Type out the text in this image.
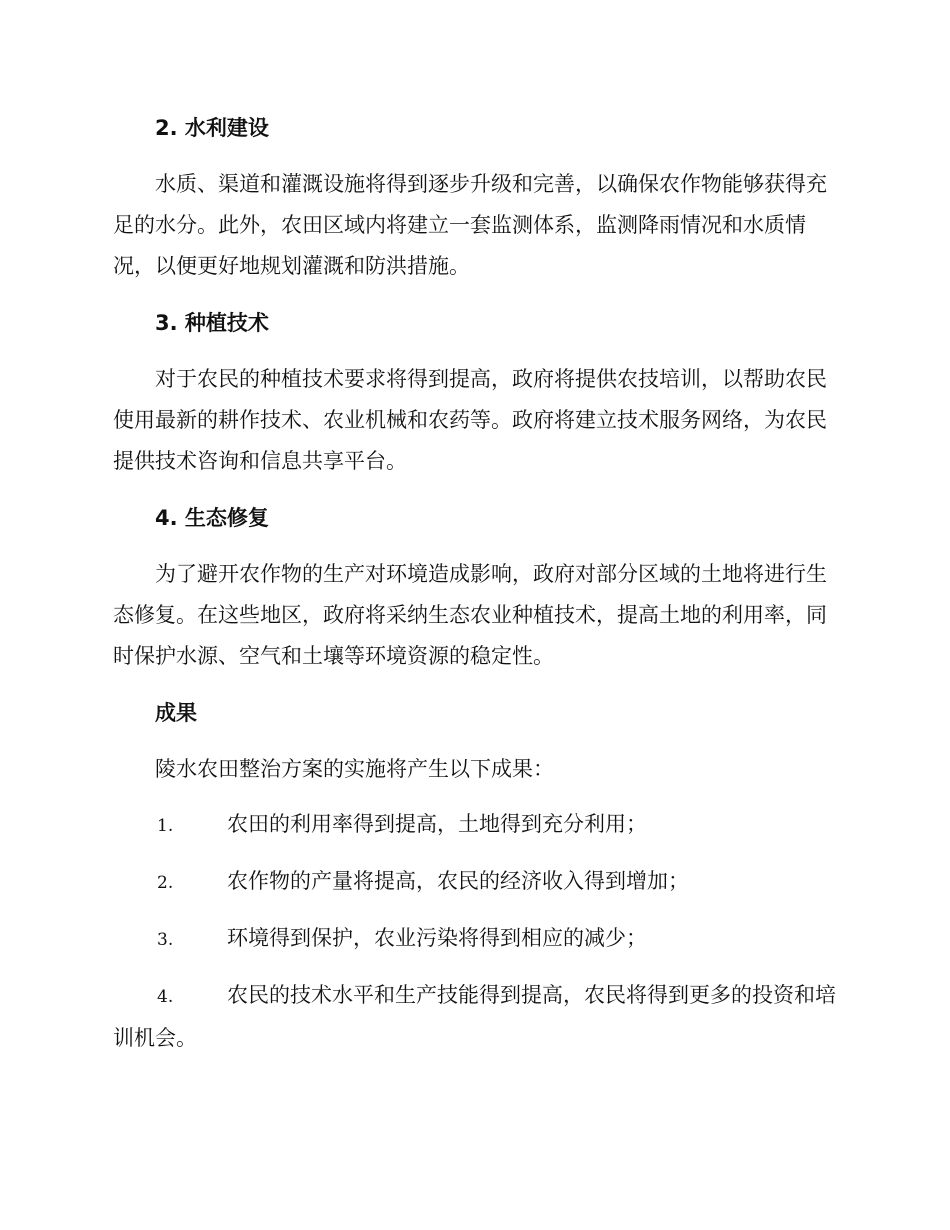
2. 水利建设

水质、渠道和灌溉设施将得到逐步升级和完善，以确保农作物能够获得充足的水分。此外，农田区域内将建立一套监测体系，监测降雨情况和水质情况，以便更好地规划灌溉和防洪措施。

3. 种植技术

对于农民的种植技术要求将得到提高，政府将提供农技培训，以帮助农民使用最新的耕作技术、农业机械和农药等。政府将建立技术服务网络，为农民提供技术咨询和信息共享平台。

4. 生态修复

为了避开农作物的生产对环境造成影响，政府对部分区域的土地将进行生态修复。在这些地区，政府将采纳生态农业种植技术，提高土地的利用率，同时保护水源、空气和土壤等环境资源的稳定性。

成果

陵水农田整治方案的实施将产生以下成果：

1.	农田的利用率得到提高，土地得到充分利用；

2.	农作物的产量将提高，农民的经济收入得到增加；

3.	环境得到保护，农业污染将得到相应的减少；

4.	农民的技术水平和生产技能得到提高，农民将得到更多的投资和培训机会。
